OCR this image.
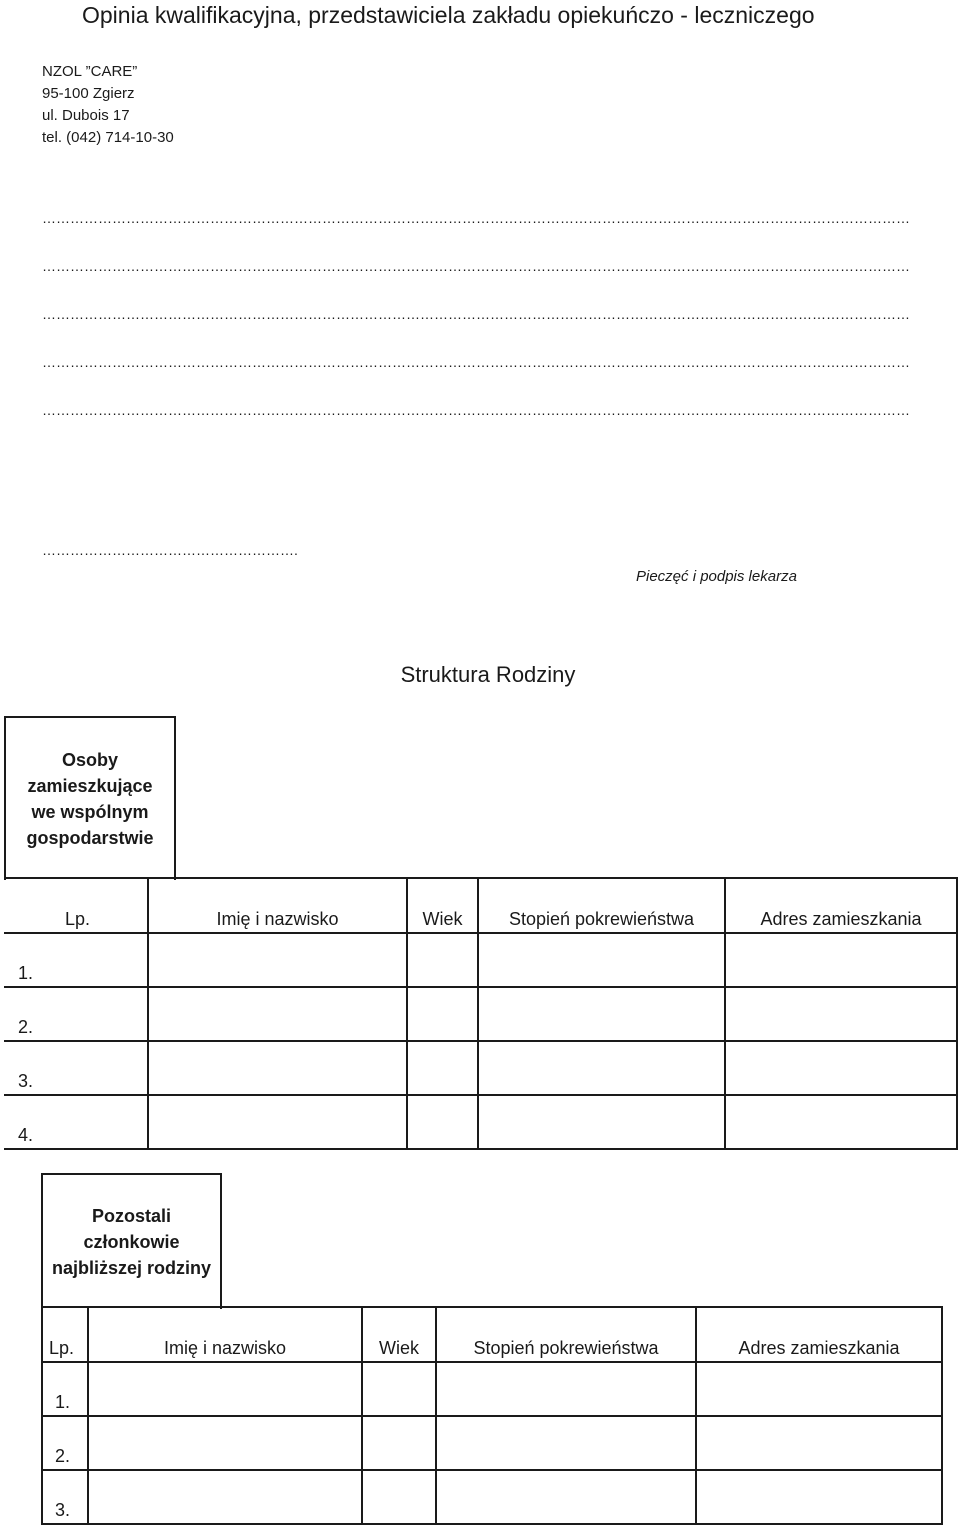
Opinia kwalifikacyjna, przedstawiciela zakładu opiekuńczo - leczniczego
NZOL ”CARE”
95-100 Zgierz
ul. Dubois 17
tel. (042) 714-10-30
……………………………………………………………………………………………………………………………………………………………………
……………………………………………………………………………………………………………………………………………………………………
……………………………………………………………………………………………………………………………………………………………………
……………………………………………………………………………………………………………………………………………………………………
……………………………………………………………………………………………………………………………………………………………………
……………………………………………….
Pieczęć i podpis lekarza
Struktura Rodziny
Osoby zamieszkujące we wspólnym gospodarstwie
Lp.	Imię i nazwisko	Wiek	Stopień pokrewieństwa	Adres zamieszkania
1.				
2.				
3.				
4.				
Pozostali członkowie najbliższej rodziny
Lp.	Imię i nazwisko	Wiek	Stopień pokrewieństwa	Adres zamieszkania
1.				
2.				
3.				
